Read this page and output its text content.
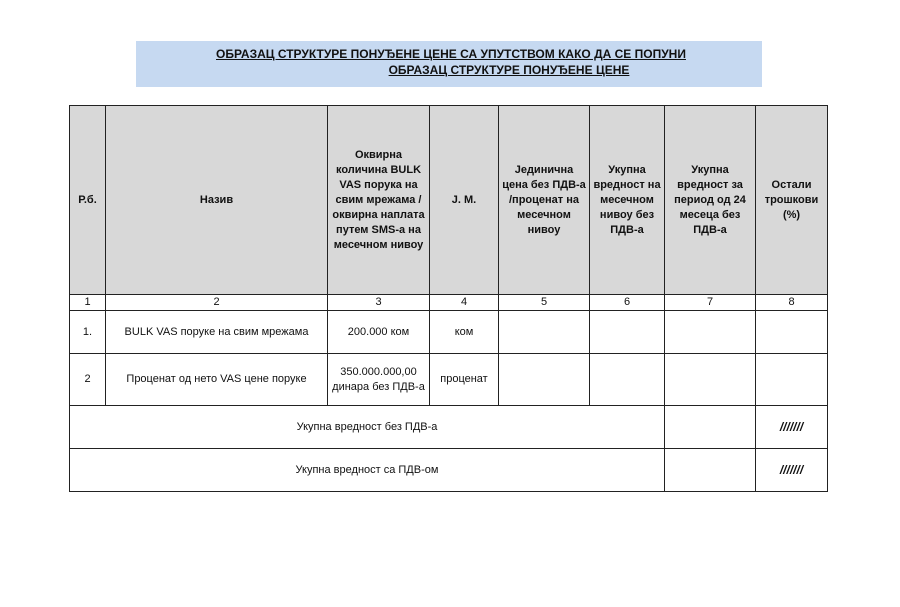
ОБРАЗАЦ СТРУКТУРЕ ПОНУЂЕНЕ ЦЕНЕ СА УПУТСТВОМ КАКО ДА СЕ ПОПУНИ
ОБРАЗАЦ СТРУКТУРЕ ПОНУЂЕНЕ ЦЕНЕ
Р.б.	Назив	Оквирна количина BULK VAS порука на свим мрежама /оквирна наплата путем SMS-а на месечном нивоу	Ј. М.	Јединична цена без ПДВ-а /проценат на месечном нивоу	Укупна вредност на месечном нивоу без ПДВ-а	Укупна вредност за период од 24 месеца без ПДВ-а	Остали трошкови (%)
1	2	3	4	5	6	7	8
1.	BULK VAS поруке на свим мрежама	200.000 ком	ком				
2	Проценат од нето VAS цене поруке	350.000.000,00 динара без ПДВ-а	проценат				
Укупна вредност без ПДВ-а							///////
Укупна вредност са ПДВ-ом							///////
